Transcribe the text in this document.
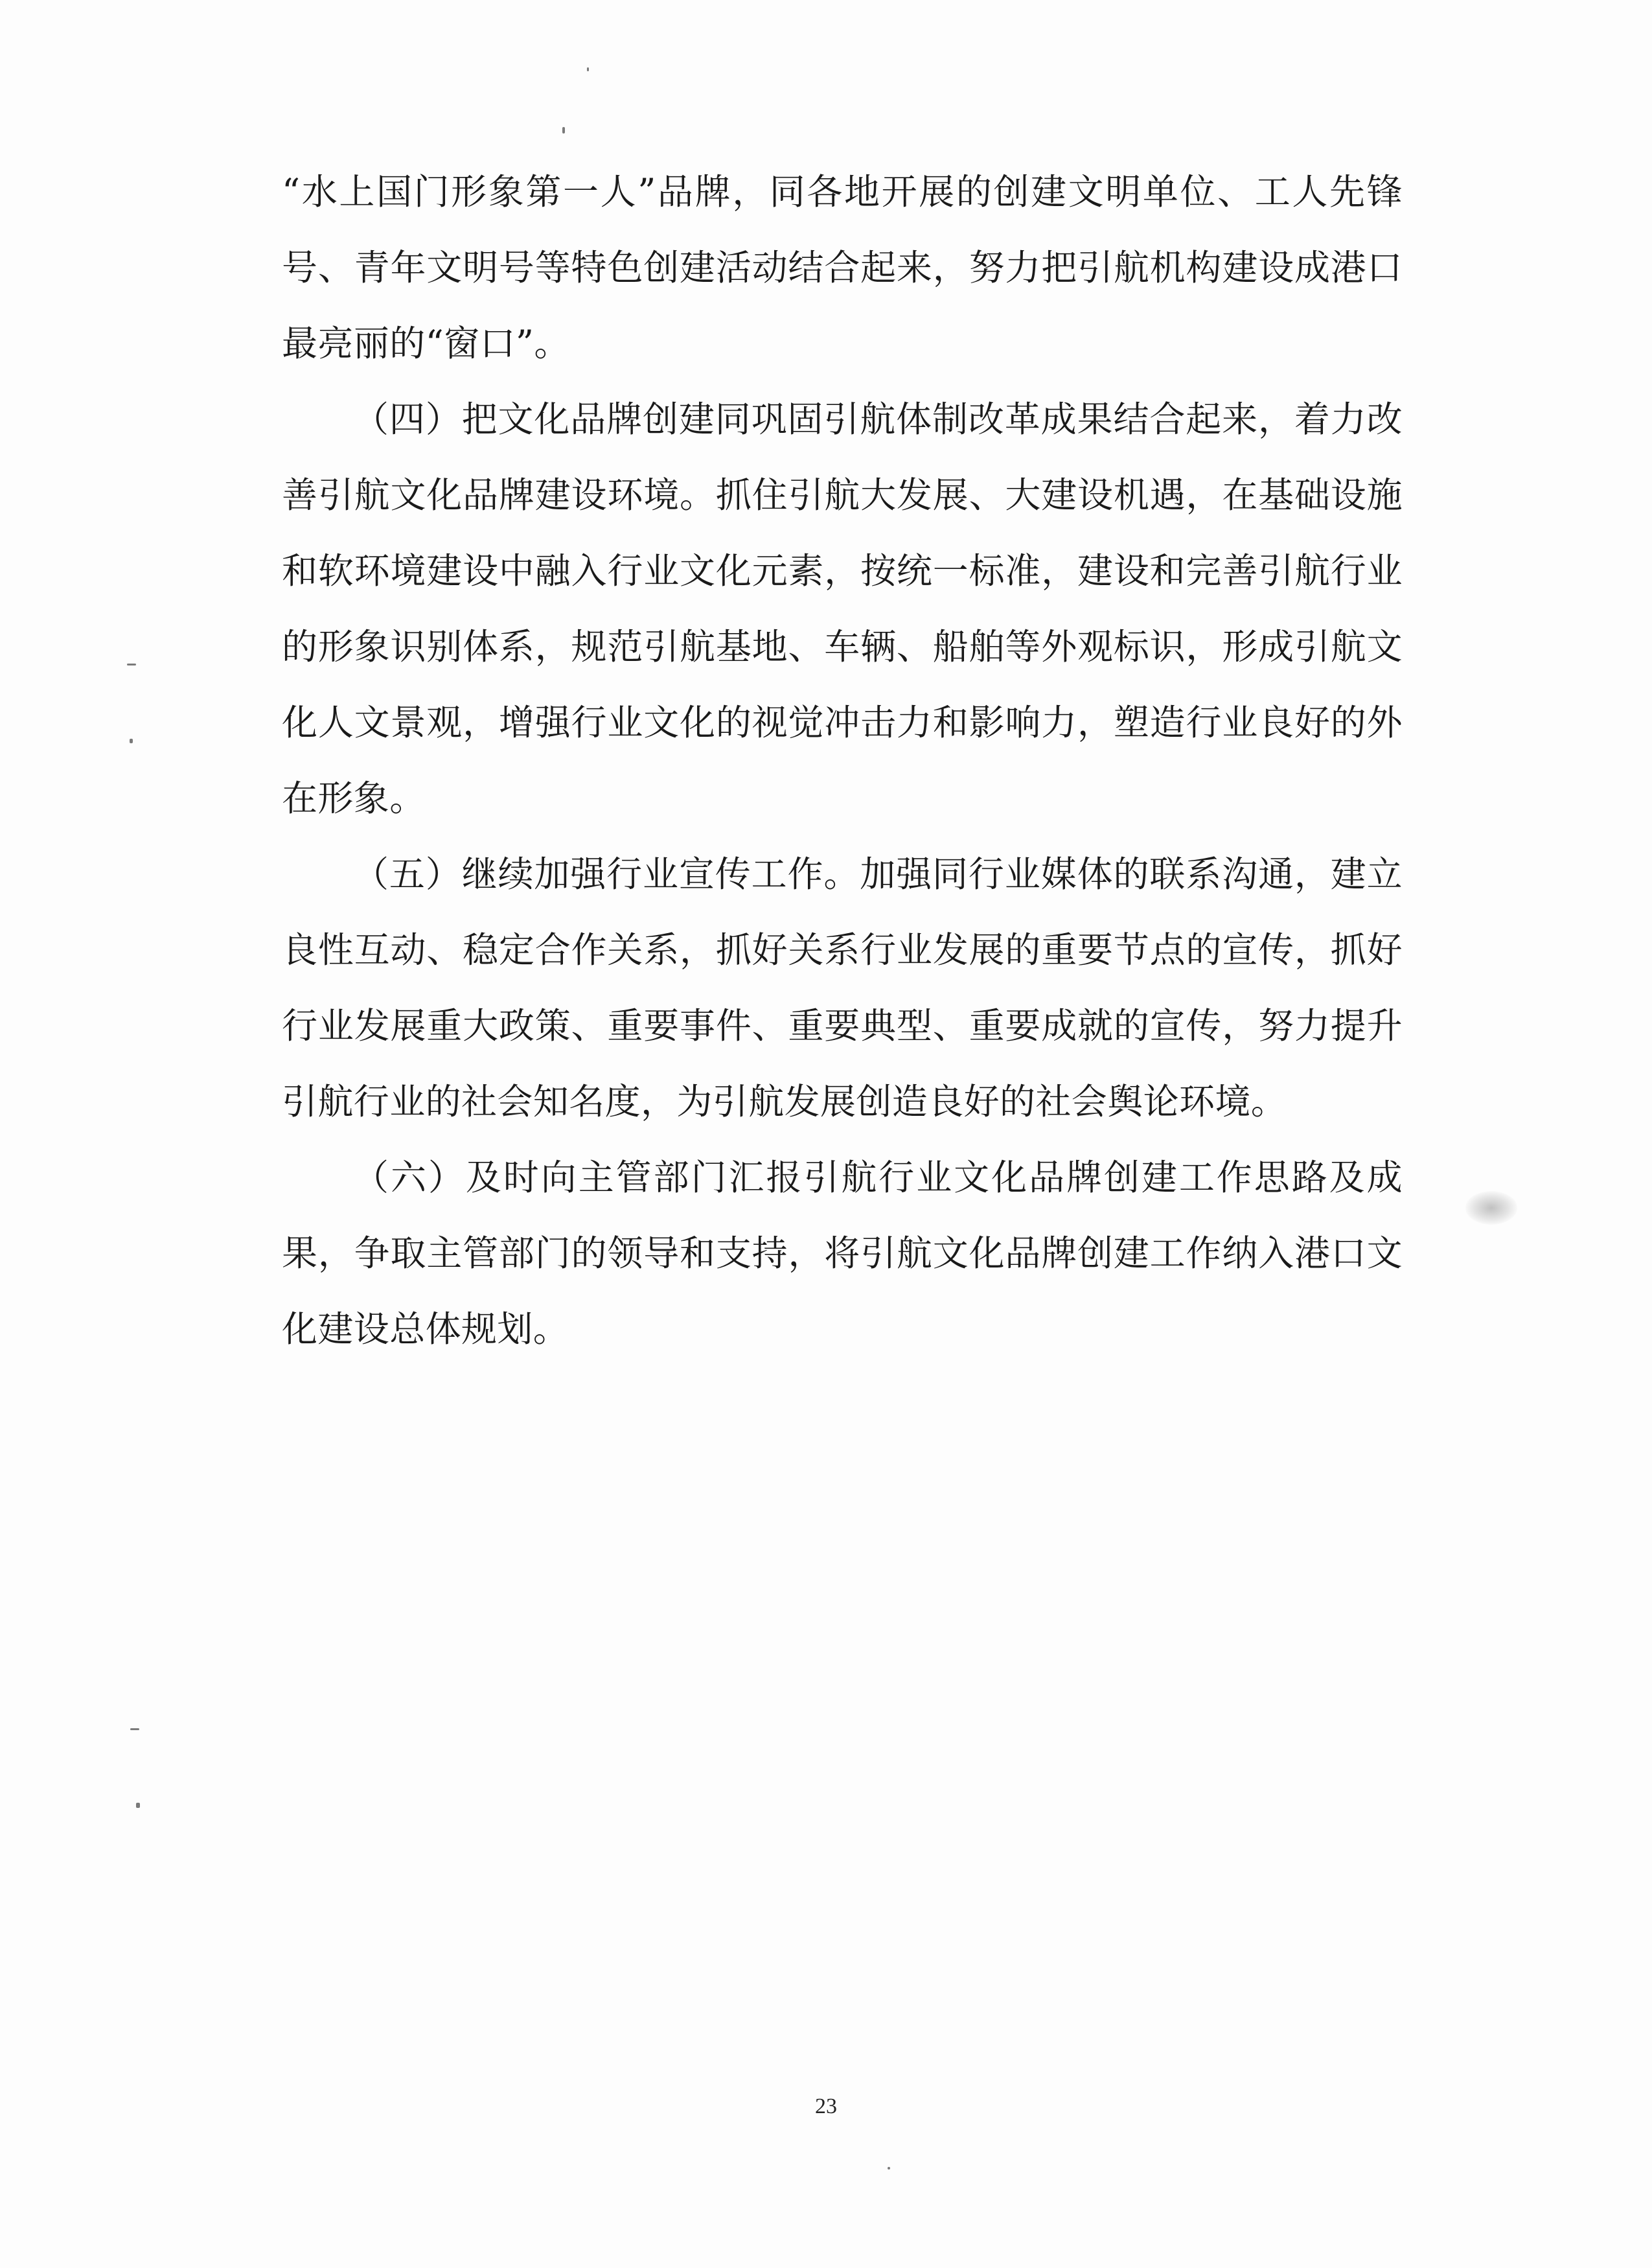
“水上国门形象第一人”品牌，同各地开展的创建文明单位、工人先锋号、青年文明号等特色创建活动结合起来，努力把引航机构建设成港口最亮丽的“窗口”。

（四）把文化品牌创建同巩固引航体制改革成果结合起来，着力改善引航文化品牌建设环境。抓住引航大发展、大建设机遇，在基础设施和软环境建设中融入行业文化元素，按统一标准，建设和完善引航行业的形象识别体系，规范引航基地、车辆、船舶等外观标识，形成引航文化人文景观，增强行业文化的视觉冲击力和影响力，塑造行业良好的外在形象。

（五）继续加强行业宣传工作。加强同行业媒体的联系沟通，建立良性互动、稳定合作关系，抓好关系行业发展的重要节点的宣传，抓好行业发展重大政策、重要事件、重要典型、重要成就的宣传，努力提升引航行业的社会知名度，为引航发展创造良好的社会舆论环境。

（六）及时向主管部门汇报引航行业文化品牌创建工作思路及成果，争取主管部门的领导和支持，将引航文化品牌创建工作纳入港口文化建设总体规划。

23
